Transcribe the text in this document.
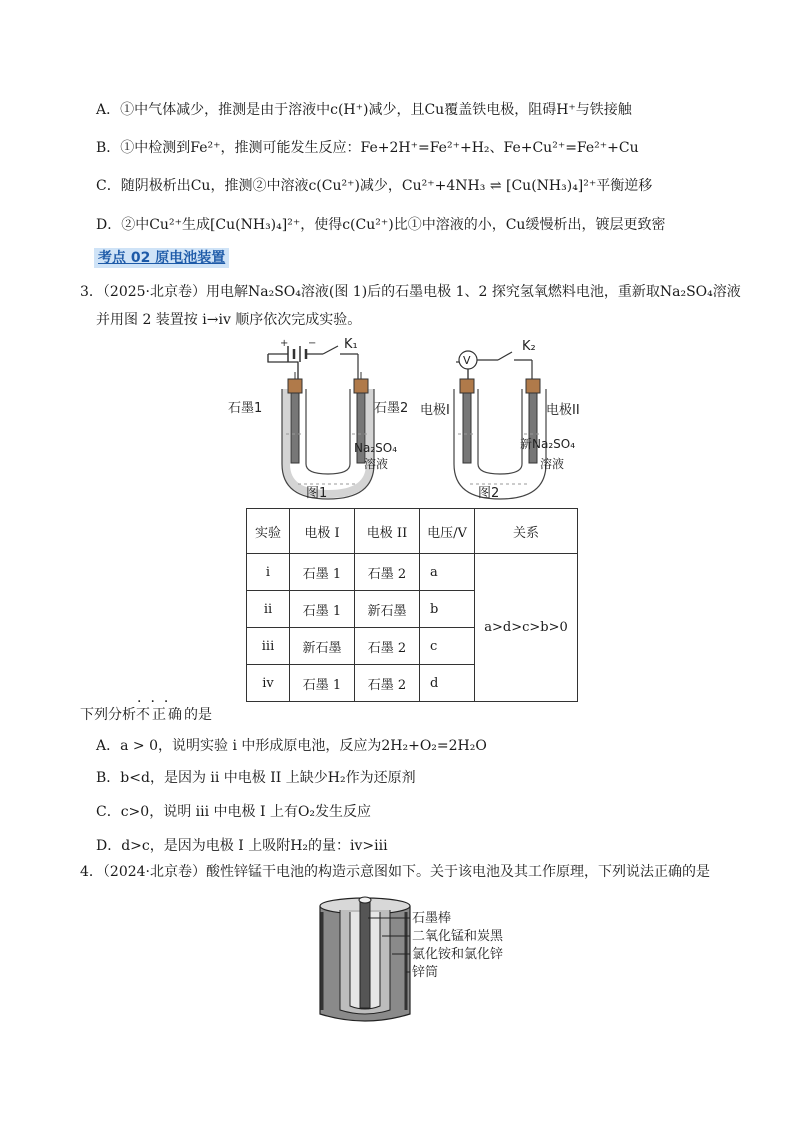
A．①中气体减少，推测是由于溶液中c(H⁺)减少，且Cu覆盖铁电极，阻碍H⁺与铁接触
B．①中检测到Fe²⁺，推测可能发生反应：Fe+2H⁺=Fe²⁺+H₂、Fe+Cu²⁺=Fe²⁺+Cu
C．随阴极析出Cu，推测②中溶液c(Cu²⁺)减少，Cu²⁺+4NH₃ ⇌ [Cu(NH₃)₄]²⁺平衡逆移
D．②中Cu²⁺生成[Cu(NH₃)₄]²⁺，使得c(Cu²⁺)比①中溶液的小，Cu缓慢析出，镀层更致密
考点 02 原电池装置
3．（2025·北京卷）用电解Na₂SO₄溶液(图 1)后的石墨电极 1、2 探究氢氧燃料电池，重新取Na₂SO₄溶液
并用图 2 装置按 i→iv 顺序依次完成实验。
+ − K₁
石墨1	石墨2
Na₂SO₄
溶液
图1
V
K₂
电极I	电极II
新Na₂SO₄
溶液
图2
实验	电极 I	电极 II	电压/V	关系
i	石墨 1	石墨 2	a	a>d>c>b>0
ii	石墨 1	新石墨	b	
iii	新石墨	石墨 2	c	
iv	石墨 1	石墨 2	d	
下列分析不正确的是
···
A．a > 0，说明实验 i 中形成原电池，反应为2H₂+O₂=2H₂O
B．b<d，是因为 ii 中电极 II 上缺少H₂作为还原剂
C．c>0，说明 iii 中电极 I 上有O₂发生反应
D．d>c，是因为电极 I 上吸附H₂的量：iv>iii
4．（2024·北京卷）酸性锌锰干电池的构造示意图如下。关于该电池及其工作原理，下列说法正确的是
石墨棒
二氧化锰和炭黑
氯化铵和氯化锌
锌筒
